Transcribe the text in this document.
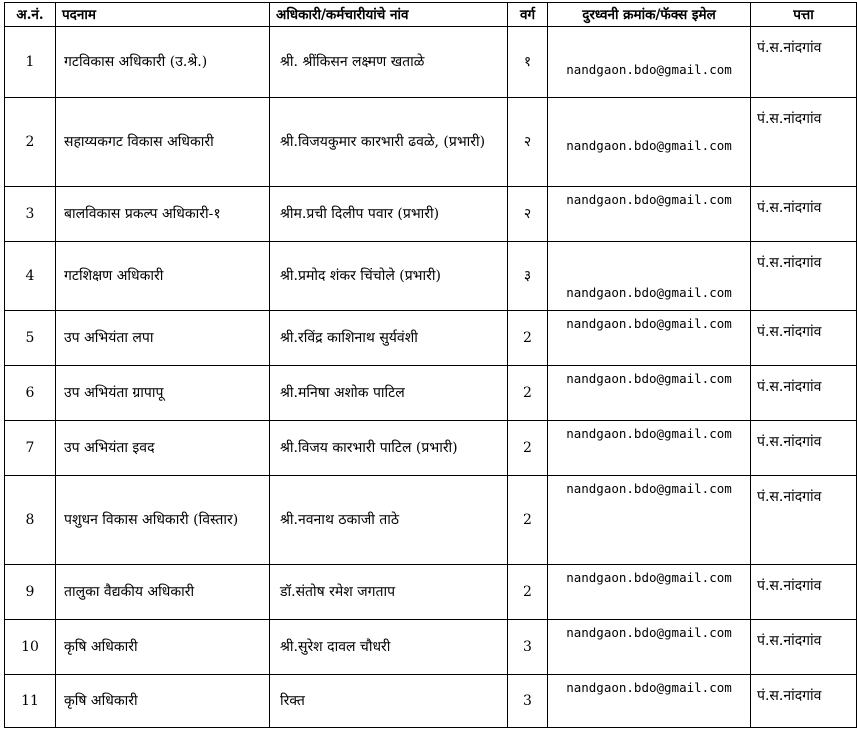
अ.नं.	पदनाम	अधिकारी/कर्मचारीयांचे नांव	वर्ग	दुरध्वनी क्रमांक/फॅक्स इमेल	पत्ता
1	गटविकास अधिकारी (उ.श्रे.)	श्री. श्रींकिसन लक्ष्मण खताळे	१	nandgaon.bdo@gmail.com	पं.स.नांदगांव
2	सहाय्यकगट विकास अधिकारी	श्री.विजयकुमार कारभारी ढवळे, (प्रभारी)	२	nandgaon.bdo@gmail.com	पं.स.नांदगांव
3	बालविकास प्रकल्प अधिकारी-१	श्रीम.प्रची दिलीप पवार (प्रभारी)	२	nandgaon.bdo@gmail.com	पं.स.नांदगांव
4	गटशिक्षण अधिकारी	श्री.प्रमोद शंकर चिंचोले (प्रभारी)	३	nandgaon.bdo@gmail.com	पं.स.नांदगांव
5	उप अभियंता लपा	श्री.रविंद्र काशिनाथ सुर्यवंशी	2	nandgaon.bdo@gmail.com	पं.स.नांदगांव
6	उप अभियंता ग्रापापू	श्री.मनिषा अशोक पाटिल	2	nandgaon.bdo@gmail.com	पं.स.नांदगांव
7	उप अभियंता इवद	श्री.विजय कारभारी पाटिल (प्रभारी)	2	nandgaon.bdo@gmail.com	पं.स.नांदगांव
8	पशुधन विकास अधिकारी (विस्तार)	श्री.नवनाथ ठकाजी ताठे	2	nandgaon.bdo@gmail.com	पं.स.नांदगांव
9	तालुका वैद्यकीय अधिकारी	डॉ.संतोष रमेश जगताप	2	nandgaon.bdo@gmail.com	पं.स.नांदगांव
10	कृषि अधिकारी	श्री.सुरेश दावल चौधरी	3	nandgaon.bdo@gmail.com	पं.स.नांदगांव
11	कृषि अधिकारी	रिक्त	3	nandgaon.bdo@gmail.com	पं.स.नांदगांव
